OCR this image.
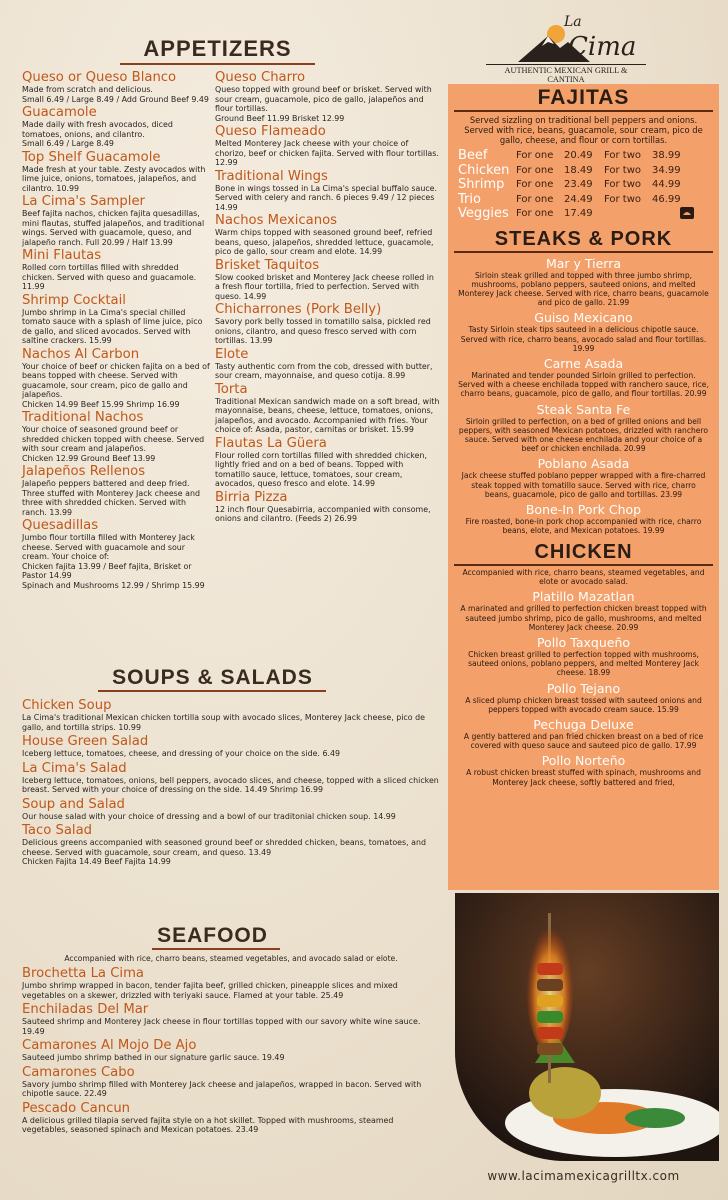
APPETIZERS
Queso or Queso Blanco
Made from scratch and delicious.
Small 6.49 / Large 8.49 / Add Ground Beef 9.49
Guacamole
Made daily with fresh avocados, diced tomatoes, onions, and cilantro.
Small 6.49 / Large 8.49
Top Shelf Guacamole
Made fresh at your table. Zesty avocados with lime juice, onions, tomatoes, jalapeños, and cilantro. 10.99
La Cima's Sampler
Beef fajita nachos, chicken fajita quesadillas, mini flautas, stuffed jalapeños, and traditional wings. Served with guacamole, queso, and jalapeño ranch. Full 20.99 / Half 13.99
Mini Flautas
Rolled corn tortillas filled with shredded chicken. Served with queso and guacamole. 11.99
Shrimp Cocktail
Jumbo shrimp in La Cima's special chilled tomato sauce with a splash of lime juice, pico de gallo, and sliced avocados. Served with saltine crackers. 15.99
Nachos Al Carbon
Your choice of beef or chicken fajita on a bed of beans topped with cheese. Served with guacamole, sour cream, pico de gallo and jalapeños.
Chicken 14.99 Beef 15.99 Shrimp 16.99
Traditional Nachos
Your choice of seasoned ground beef or shredded chicken topped with cheese. Served with sour cream and jalapeños.
Chicken 12.99 Ground Beef 13.99
Jalapeños Rellenos
Jalapeño peppers battered and deep fried. Three stuffed with Monterey Jack cheese and three with shredded chicken. Served with ranch. 13.99
Quesadillas
Jumbo flour tortilla filled with Monterey Jack cheese. Served with guacamole and sour cream. Your choice of:
Chicken fajita 13.99 / Beef fajita, Brisket or Pastor 14.99
Spinach and Mushrooms 12.99 / Shrimp 15.99
Queso Charro
Queso topped with ground beef or brisket. Served with sour cream, guacamole, pico de gallo, jalapeños and flour tortillas.
Ground Beef 11.99 Brisket 12.99
Queso Flameado
Melted Monterey Jack cheese with your choice of chorizo, beef or chicken fajita. Served with flour tortillas. 12.99
Traditional Wings
Bone in wings tossed in La Cima's special buffalo sauce. Served with celery and ranch. 6 pieces 9.49 / 12 pieces 14.99
Nachos Mexicanos
Warm chips topped with seasoned ground beef, refried beans, queso, jalapeños, shredded lettuce, guacamole, pico de gallo, sour cream and elote. 14.99
Brisket Taquitos
Slow cooked brisket and Monterey Jack cheese rolled in a fresh flour tortilla, fried to perfection. Served with queso. 14.99
Chicharrones (Pork Belly)
Savory pork belly tossed in tomatillo salsa, pickled red onions, cilantro, and queso fresco served with corn tortillas. 13.99
Elote
Tasty authentic corn from the cob, dressed with butter, sour cream, mayonnaise, and queso cotija. 8.99
Torta
Traditional Mexican sandwich made on a soft bread, with mayonnaise, beans, cheese, lettuce, tomatoes, onions, jalapeños, and avocado. Accompanied with fries. Your choice of: Asada, pastor, carnitas or brisket. 15.99
Flautas La Güera
Flour rolled corn tortillas filled with shredded chicken, lightly fried and on a bed of beans. Topped with tomatillo sauce, lettuce, tomatoes, sour cream, avocados, queso fresco and elote. 14.99
Birria Pizza
12 inch flour Quesabirria, accompanied with consome, onions and cilantro. (Feeds 2) 26.99
SOUPS & SALADS
Chicken Soup
La Cima's traditional Mexican chicken tortilla soup with avocado slices, Monterey Jack cheese, pico de gallo, and tortilla strips. 10.99
House Green Salad
Iceberg lettuce, tomatoes, cheese, and dressing of your choice on the side. 6.49
La Cima's Salad
Iceberg lettuce, tomatoes, onions, bell peppers, avocado slices, and cheese, topped with a sliced chicken breast. Served with your choice of dressing on the side. 14.49 Shrimp 16.99
Soup and Salad
Our house salad with your choice of dressing and a bowl of our traditonial chicken soup. 14.99
Taco Salad
Delicious greens accompanied with seasoned ground beef or shredded chicken, beans, tomatoes, and cheese. Served with guacamole, sour cream, and queso. 13.49
Chicken Fajita 14.49 Beef Fajita 14.99
SEAFOOD
Accompanied with rice, charro beans, steamed vegetables, and avocado salad or elote.
Brochetta La Cima
Jumbo shrimp wrapped in bacon, tender fajita beef, grilled chicken, pineapple slices and mixed vegetables on a skewer, drizzled with teriyaki sauce. Flamed at your table. 25.49
Enchiladas Del Mar
Sauteed shrimp and Monterey Jack cheese in flour tortillas topped with our savory white wine sauce. 19.49
Camarones Al Mojo De Ajo
Sauteed jumbo shrimp bathed in our signature garlic sauce. 19.49
Camarones Cabo
Savory jumbo shrimp filled with Monterey Jack cheese and jalapeños, wrapped in bacon. Served with chipotle sauce. 22.49
Pescado Cancun
A delicious grilled tilapia served fajita style on a hot skillet. Topped with mushrooms, steamed vegetables, seasoned spinach and Mexican potatoes. 23.49
La
Cima
AUTHENTIC MEXICAN GRILL & CANTINA
FAJITAS
Served sizzling on traditional bell peppers and onions. Served with rice, beans, guacamole, sour cream, pico de gallo, cheese, and flour or corn tortillas.
Beef	For one	20.49	For two	38.99
Chicken For one	18.49	For two	34.99
Shrimp	For one	23.49	For two	44.99
Trio	For one	24.49	For two	46.99
Veggies For one	17.49
STEAKS & PORK
Mar y Tierra
Sirloin steak grilled and topped with three jumbo shrimp, mushrooms, poblano peppers, sauteed onions, and melted Monterey Jack cheese. Served with rice, charro beans, guacamole and pico de gallo. 21.99
Guiso Mexicano
Tasty Sirloin steak tips sauteed in a delicious chipotle sauce. Served with rice, charro beans, avocado salad and flour tortillas. 19.99
Carne Asada
Marinated and tender pounded Sirloin grilled to perfection. Served with a cheese enchilada topped with ranchero sauce, rice, charro beans, guacamole, pico de gallo, and flour tortillas. 20.99
Steak Santa Fe
Sirloin grilled to perfection, on a bed of grilled onions and bell peppers, with seasoned Mexican potatoes, drizzled with ranchero sauce. Served with one cheese enchilada and your choice of a beef or chicken enchilada. 20.99
Poblano Asada
Jack cheese stuffed poblano pepper wrapped with a fire-charred steak topped with tomatillo sauce. Served with rice, charro beans, guacamole, pico de gallo and tortillas. 23.99
Bone-In Pork Chop
Fire roasted, bone-in pork chop accompanied with rice, charro beans, elote, and Mexican potatoes. 19.99
CHICKEN
Accompanied with rice, charro beans, steamed vegetables, and elote or avocado salad.
Platillo Mazatlan
A marinated and grilled to perfection chicken breast topped with sauteed jumbo shrimp, pico de gallo, mushrooms, and melted Monterey Jack cheese. 20.99
Pollo Taxqueño
Chicken breast grilled to perfection topped with mushrooms, sauteed onions, poblano peppers, and melted Monterey Jack cheese. 18.99
Pollo Tejano
A sliced plump chicken breast tossed with sauteed onions and peppers topped with avocado cream sauce. 15.99
Pechuga Deluxe
A gently battered and pan fried chicken breast on a bed of rice covered with queso sauce and sauteed pico de gallo. 17.99
Pollo Norteño
A robust chicken breast stuffed with spinach, mushrooms and Monterey Jack cheese, softly battered and fried,
www.lacimamexicagrilltx.com
